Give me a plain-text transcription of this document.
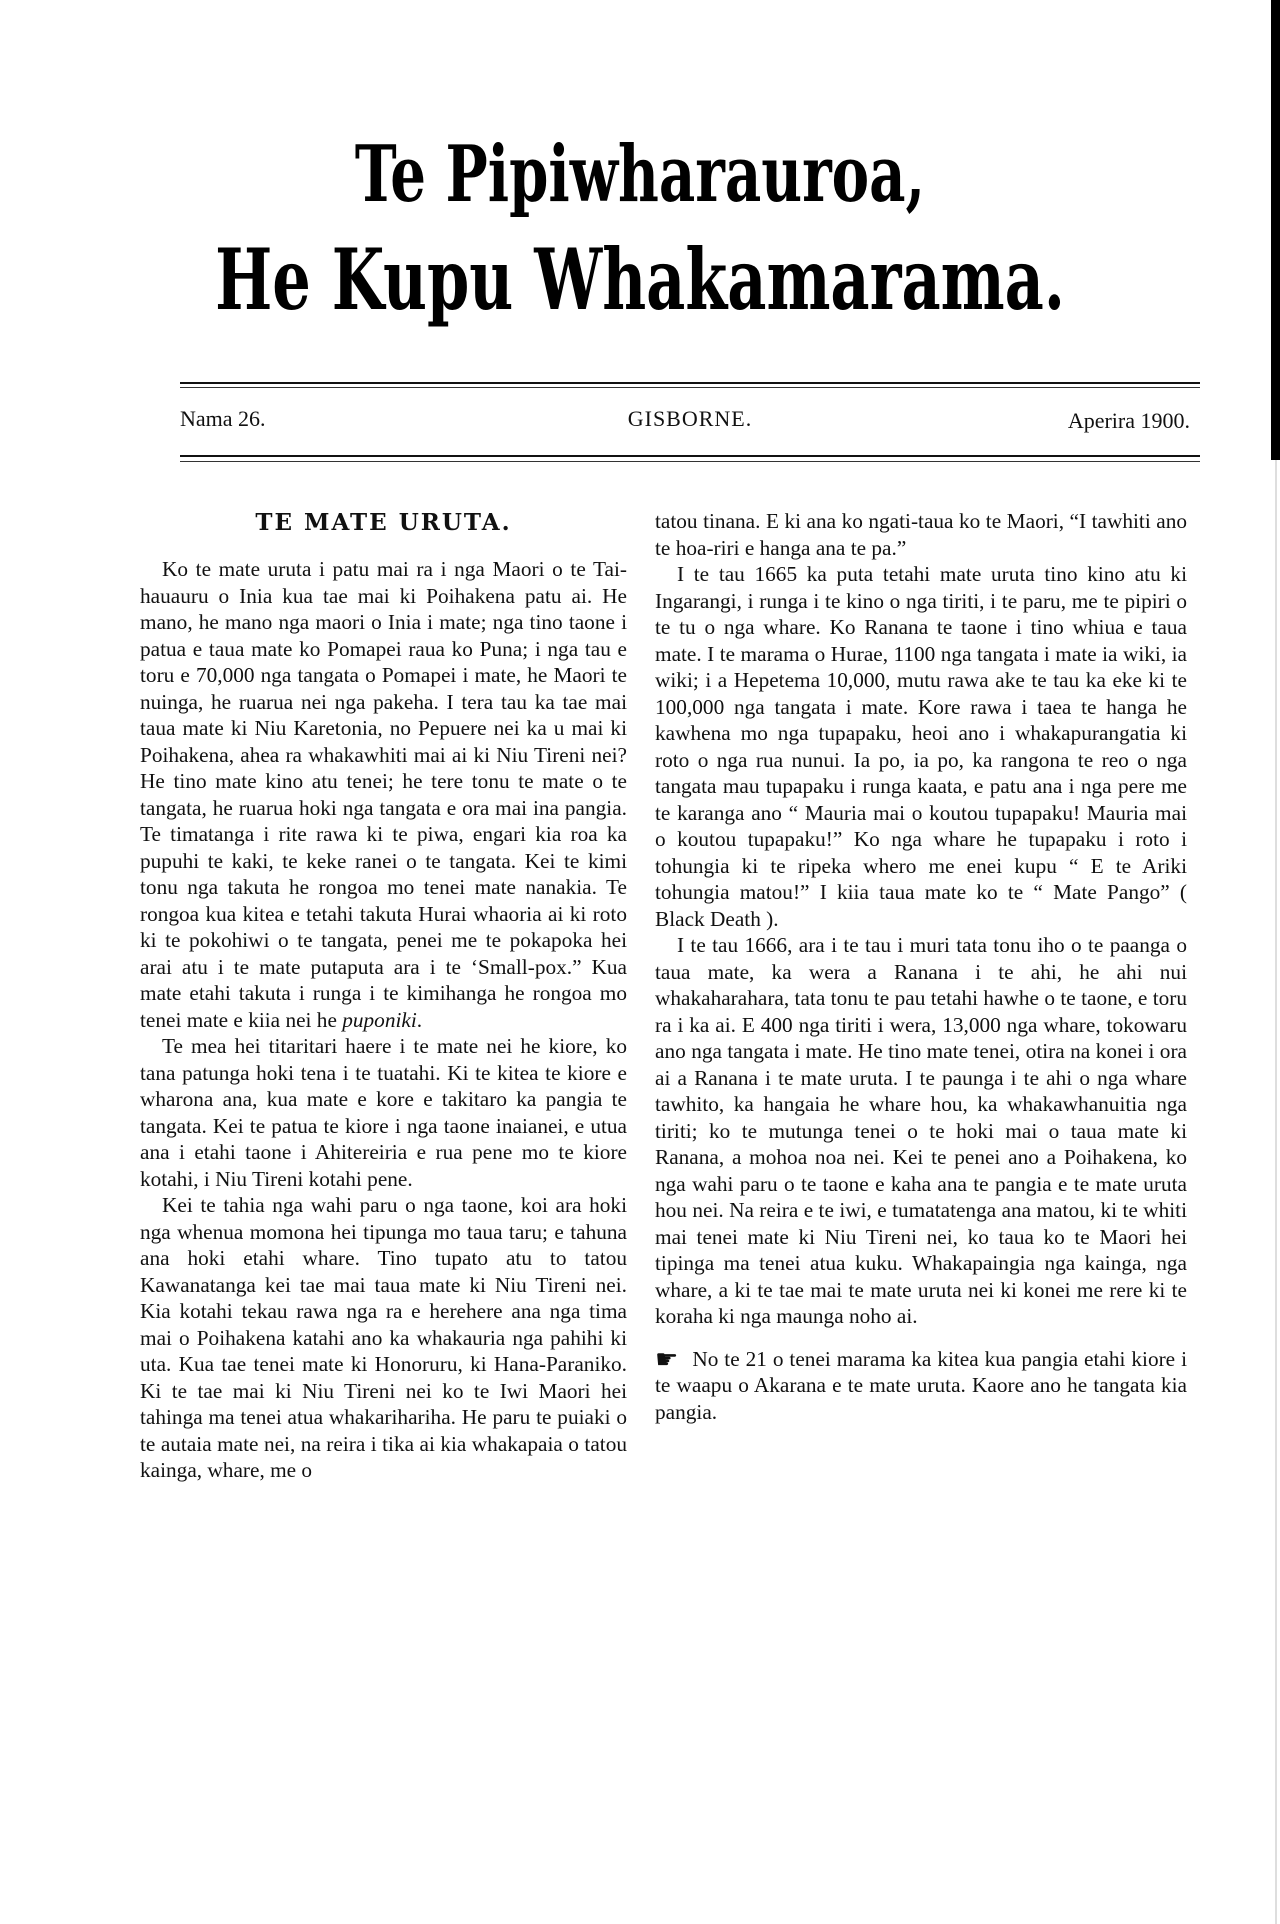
Te Pipiwharauroa,
He Kupu Whakamarama.
Nama 26.	GISBORNE.	Aperira 1900.
TE MATE URUTA.

Ko te mate uruta i patu mai ra i nga Maori o te Tai-hauauru o Inia kua tae mai ki Poihakena patu ai. He mano, he mano nga maori o Inia i mate; nga tino taone i patua e taua mate ko Pomapei raua ko Puna; i nga tau e toru e 70,000 nga tangata o Pomapei i mate, he Maori te nuinga, he ruarua nei nga pakeha. I tera tau ka tae mai taua mate ki Niu Karetonia, no Pepuere nei ka u mai ki Poihakena, ahea ra whakawhiti mai ai ki Niu Tireni nei? He tino mate kino atu tenei; he tere tonu te mate o te tangata, he ruarua hoki nga tangata e ora mai ina pangia. Te timatanga i rite rawa ki te piwa, engari kia roa ka pupuhi te kaki, te keke ranei o te tangata. Kei te kimi tonu nga takuta he rongoa mo tenei mate nanakia. Te rongoa kua kitea e tetahi takuta Hurai whaoria ai ki roto ki te pokohiwi o te tangata, penei me te pokapoka hei arai atu i te mate putaputa ara i te ‘Small-pox.” Kua mate etahi takuta i runga i te kimihanga he rongoa mo tenei mate e kiia nei he puponiki.

Te mea hei titaritari haere i te mate nei he kiore, ko tana patunga hoki tena i te tuatahi. Ki te kitea te kiore e wharona ana, kua mate e kore e takitaro ka pangia te tangata. Kei te patua te kiore i nga taone inaianei, e utua ana i etahi taone i Ahitereiria e rua pene mo te kiore kotahi, i Niu Tireni kotahi pene.

Kei te tahia nga wahi paru o nga taone, koi ara hoki nga whenua momona hei tipunga mo taua taru; e tahuna ana hoki etahi whare. Tino tupato atu to tatou Kawanatanga kei tae mai taua mate ki Niu Tireni nei. Kia kotahi tekau rawa nga ra e herehere ana nga tima mai o Poihakena katahi ano ka whakauria nga pahihi ki uta. Kua tae tenei mate ki Honoruru, ki Hana-Paraniko. Ki te tae mai ki Niu Tireni nei ko te Iwi Maori hei tahinga ma tenei atua whakarihariha. He paru te puiaki o te autaia mate nei, na reira i tika ai kia whakapaia o tatou kainga, whare, me o

tatou tinana. E ki ana ko ngati-taua ko te Maori, “I tawhiti ano te hoa-riri e hanga ana te pa.”

I te tau 1665 ka puta tetahi mate uruta tino kino atu ki Ingarangi, i runga i te kino o nga tiriti, i te paru, me te pipiri o te tu o nga whare. Ko Ranana te taone i tino whiua e taua mate. I te marama o Hurae, 1100 nga tangata i mate ia wiki, ia wiki; i a Hepetema 10,000, mutu rawa ake te tau ka eke ki te 100,000 nga tangata i mate. Kore rawa i taea te hanga he kawhena mo nga tupapaku, heoi ano i whakapurangatia ki roto o nga rua nunui. Ia po, ia po, ka rangona te reo o nga tangata mau tupapaku i runga kaata, e patu ana i nga pere me te karanga ano “ Mauria mai o koutou tupapaku! Mauria mai o koutou tupapaku!” Ko nga whare he tupapaku i roto i tohungia ki te ripeka whero me enei kupu “ E te Ariki tohungia matou!” I kiia taua mate ko te “ Mate Pango” ( Black Death ).

I te tau 1666, ara i te tau i muri tata tonu iho o te paanga o taua mate, ka wera a Ranana i te ahi, he ahi nui whakaharahara, tata tonu te pau tetahi hawhe o te taone, e toru ra i ka ai. E 400 nga tiriti i wera, 13,000 nga whare, tokowaru ano nga tangata i mate. He tino mate tenei, otira na konei i ora ai a Ranana i te mate uruta. I te paunga i te ahi o nga whare tawhito, ka hangaia he whare hou, ka whakawhanuitia nga tiriti; ko te mutunga tenei o te hoki mai o taua mate ki Ranana, a mohoa noa nei. Kei te penei ano a Poihakena, ko nga wahi paru o te taone e kaha ana te pangia e te mate uruta hou nei. Na reira e te iwi, e tumatatenga ana matou, ki te whiti mai tenei mate ki Niu Tireni nei, ko taua ko te Maori hei tipinga ma tenei atua kuku. Whakapaingia nga kainga, nga whare, a ki te tae mai te mate uruta nei ki konei me rere ki te koraha ki nga maunga noho ai.

☛ No te 21 o tenei marama ka kitea kua pangia etahi kiore i te waapu o Akarana e te mate uruta. Kaore ano he tangata kia pangia.
